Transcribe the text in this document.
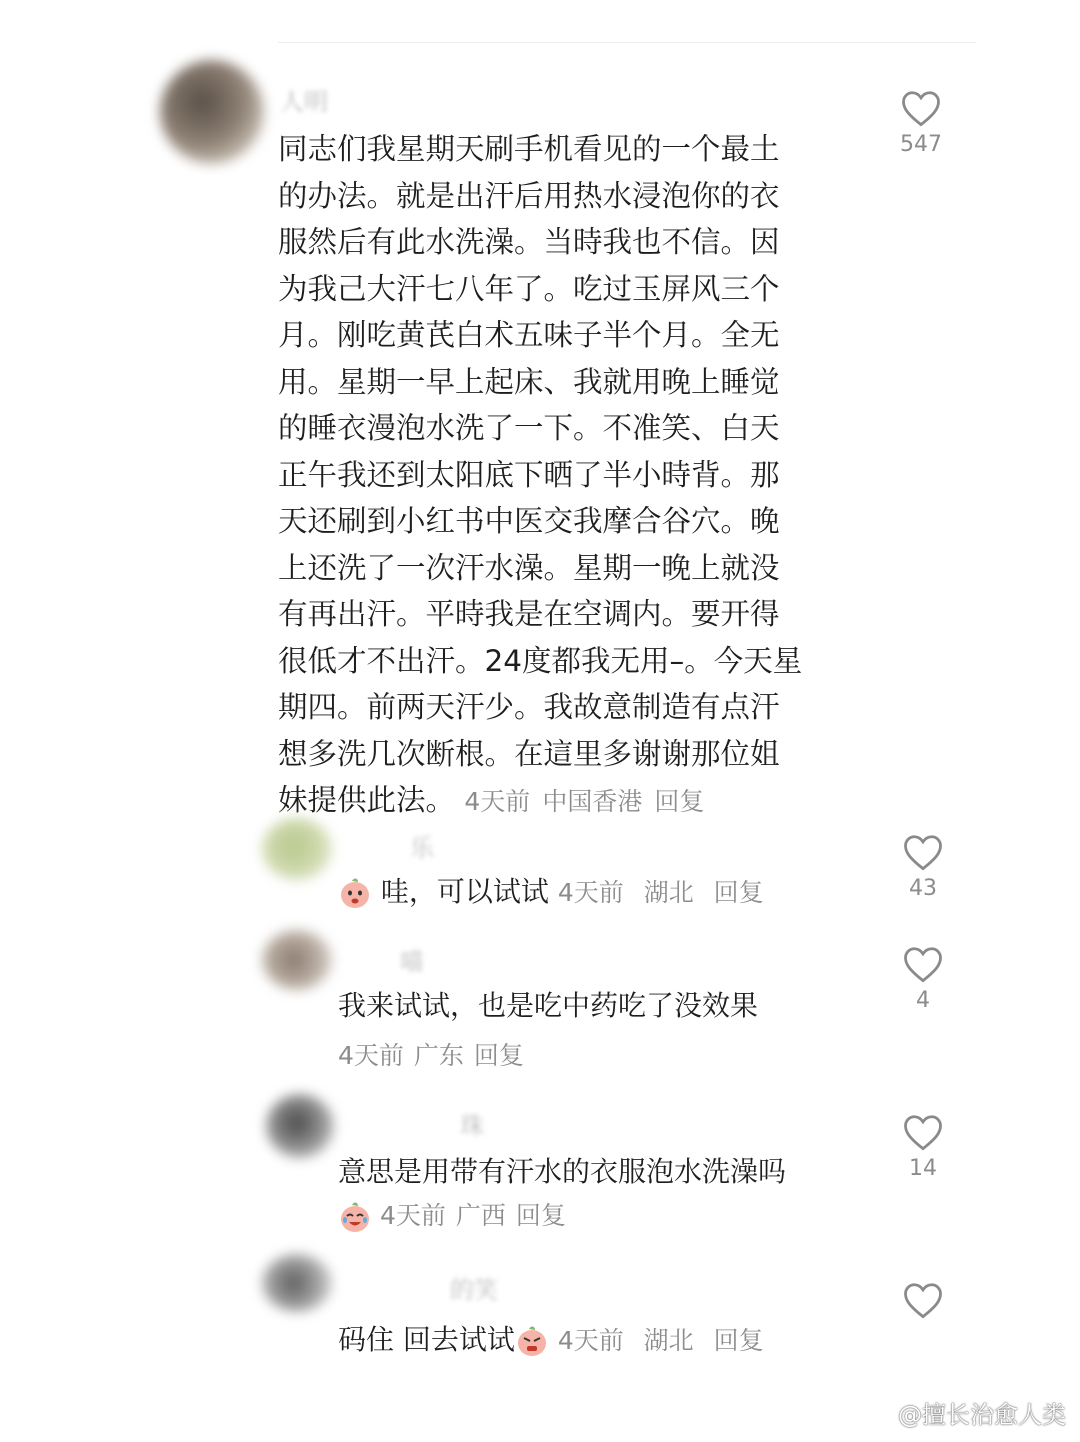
人明

同志们我星期天刷手机看见的一个最土
的办法。就是出汗后用热水浸泡你的衣
服然后有此水洗澡。当時我也不信。因
为我己大汗七八年了。吃过玉屏风三个
月。刚吃黄芪白术五味子半个月。全无
用。星期一早上起床、我就用晚上睡觉
的睡衣漫泡水洗了一下。不准笑、白天
正午我还到太阳底下晒了半小時背。那
天还刷到小红书中医交我摩合谷穴。晚
上还洗了一次汗水澡。星期一晚上就没
有再出汗。平時我是在空调内。要开得
很低才不出汗。24度都我无用–。今天星
期四。前两天汗少。我故意制造有点汗
想多洗几次断根。在這里多谢谢那位姐
妹提供此法。 4天前 中国香港 回复

547
乐
哇，可以试试 4天前 湖北 回复	43
喵
我来试试，也是吃中药吃了没效果
4天前 广东 回复
4
珠
意思是用带有汗水的衣服泡水洗澡吗
4天前 广西 回复
14
的笑
码住 回去试试 4天前 湖北 回复
@擅长治愈人类
